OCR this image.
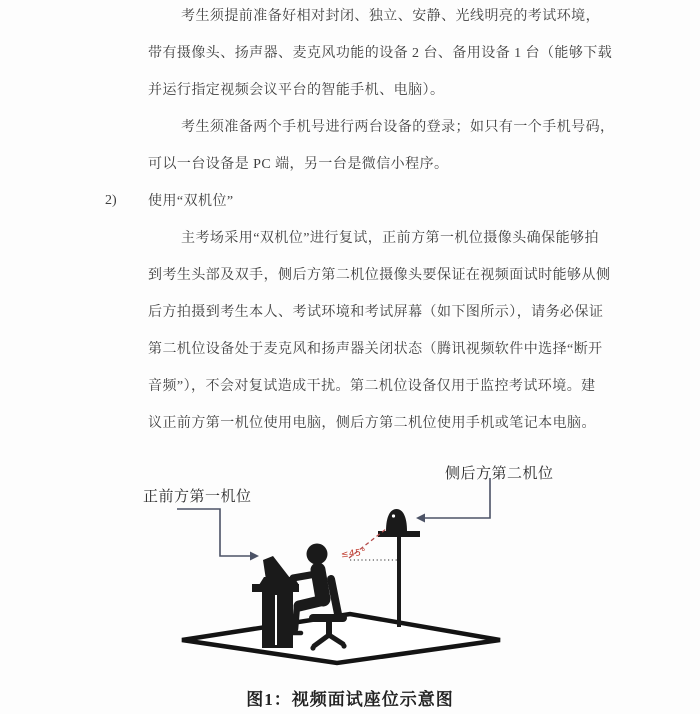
考生须提前准备好相对封闭、独立、安静、光线明亮的考试环境，
带有摄像头、扬声器、麦克风功能的设备 2 台、备用设备 1 台（能够下载
并运行指定视频会议平台的智能手机、电脑）。
考生须准备两个手机号进行两台设备的登录；如只有一个手机号码，
可以一台设备是 PC 端，另一台是微信小程序。
2) 使用“双机位”
主考场采用“双机位”进行复试，正前方第一机位摄像头确保能够拍
到考生头部及双手，侧后方第二机位摄像头要保证在视频面试时能够从侧
后方拍摄到考生本人、考试环境和考试屏幕（如下图所示），请务必保证
第二机位设备处于麦克风和扬声器关闭状态（腾讯视频软件中选择“断开
音频”），不会对复试造成干扰。第二机位设备仅用于监控考试环境。建
议正前方第一机位使用电脑，侧后方第二机位使用手机或笔记本电脑。
正前方第一机位
侧后方第二机位
≤45°
图1：视频面试座位示意图
